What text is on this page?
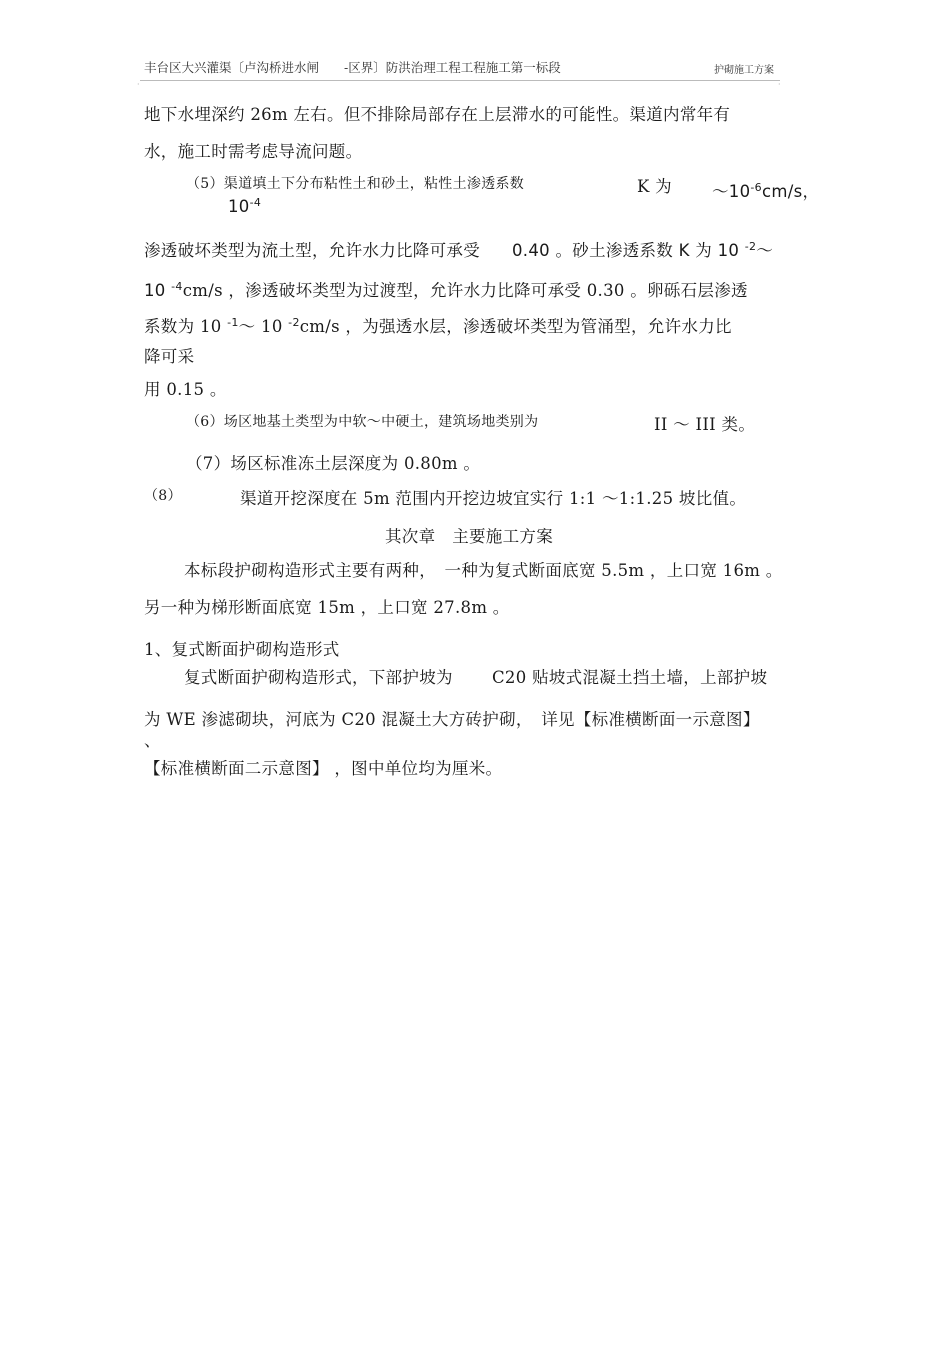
丰台区大兴灌渠〔卢沟桥进水闸　　-区界〕防洪治理工程工程施工第一标段	护砌施工方案
·	·
地下水埋深约 26m 左右。但不排除局部存在上层滞水的可能性。渠道内常年有
水，施工时需考虑导流问题。
（5）渠道填土下分布粘性土和砂土，粘性土渗透系数	K 为 $\sim 10^{-6}cm/s$，
$10^{-4}$
渗透破坏类型为流土型，允许水力比降可承受 0.40 。砂土渗透系数 K 为 10 $^{-2}$～
10 $^{-4}$cm/s ，渗透破坏类型为过渡型，允许水力比降可承受 0.30 。卵砾石层渗透
系数为 10 $^{-1}$～ 10 $^{-2}$cm/s ，为强透水层，渗透破坏类型为管涌型，允许水力比
降可采
用 0.15 。
（6）场区地基土类型为中软～中硬土，建筑场地类别为	II ～ III 类。
（7）场区标准冻土层深度为 0.80m 。
（8）	渠道开挖深度在 5m 范围内开挖边坡宜实行 1:1 ～1:1.25 坡比值。
其次章　主要施工方案
本标段护砌构造形式主要有两种，　一种为复式断面底宽 5.5m ，上口宽 16m 。
另一种为梯形断面底宽 15m ，上口宽 27.8m 。
1、复式断面护砌构造形式
复式断面护砌构造形式，下部护坡为 C20 贴坡式混凝土挡土墙，上部护坡
为 WE 渗滤砌块，河底为 C20 混凝土大方砖护砌，　详见【标准横断面一示意图】
、
【标准横断面二示意图】 ，图中单位均为厘米。
